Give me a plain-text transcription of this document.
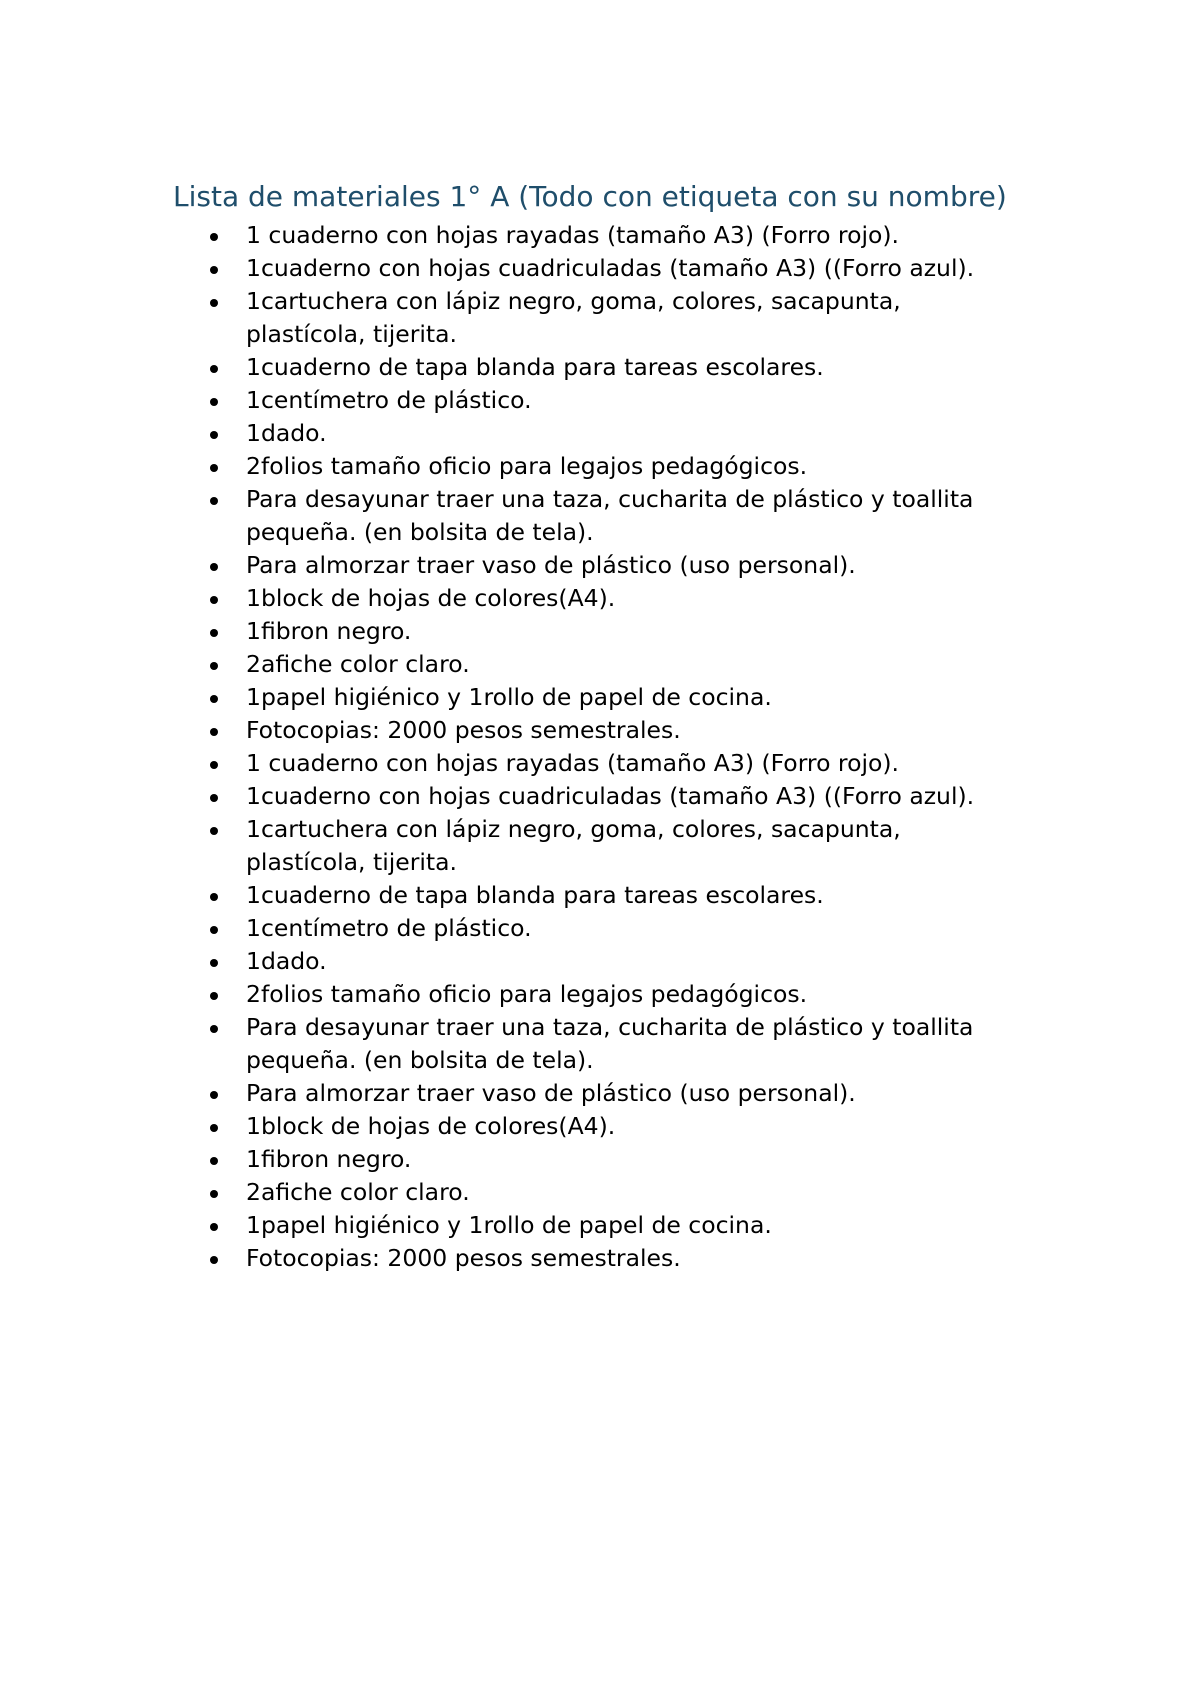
Lista de materiales 1° A (Todo con etiqueta con su nombre)
1 cuaderno con hojas rayadas (tamaño A3) (Forro rojo).
1cuaderno con hojas cuadriculadas (tamaño A3) ((Forro azul).
1cartuchera con lápiz negro, goma, colores, sacapunta, plastícola, tijerita.
1cuaderno de tapa blanda para tareas escolares.
1centímetro de plástico.
1dado.
2folios tamaño oficio para legajos pedagógicos.
Para desayunar traer una taza, cucharita de plástico y toallita pequeña. (en bolsita de tela).
Para almorzar traer vaso de plástico (uso personal).
1block de hojas de colores(A4).
1fibron negro.
2afiche color claro.
1papel higiénico y 1rollo de papel de cocina.
Fotocopias: 2000 pesos semestrales.
1 cuaderno con hojas rayadas (tamaño A3) (Forro rojo).
1cuaderno con hojas cuadriculadas (tamaño A3) ((Forro azul).
1cartuchera con lápiz negro, goma, colores, sacapunta, plastícola, tijerita.
1cuaderno de tapa blanda para tareas escolares.
1centímetro de plástico.
1dado.
2folios tamaño oficio para legajos pedagógicos.
Para desayunar traer una taza, cucharita de plástico y toallita pequeña. (en bolsita de tela).
Para almorzar traer vaso de plástico (uso personal).
1block de hojas de colores(A4).
1fibron negro.
2afiche color claro.
1papel higiénico y 1rollo de papel de cocina.
Fotocopias: 2000 pesos semestrales.
